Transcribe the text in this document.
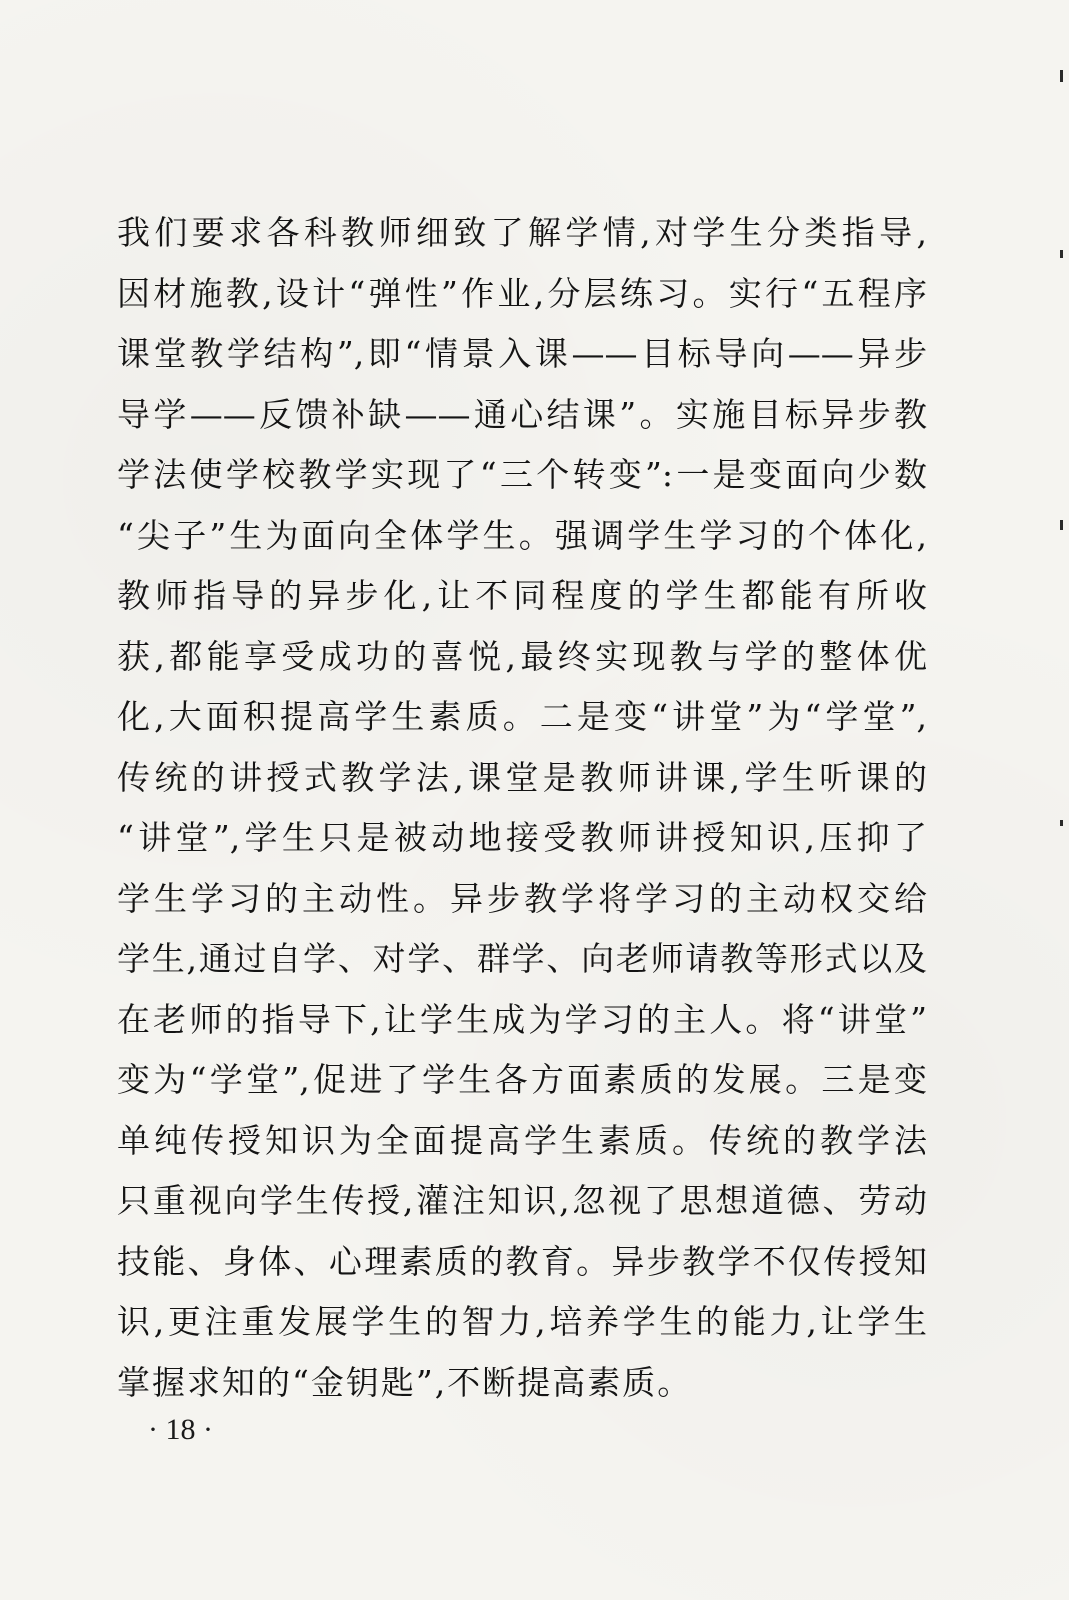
我们要求各科教师细致了解学情,对学生分类指导,
因材施教,设计“弹性”作业,分层练习。实行“五程序
课堂教学结构”,即“情景入课——目标导向——异步
导学——反馈补缺——通心结课”。实施目标异步教
学法使学校教学实现了“三个转变”:一是变面向少数
“尖子”生为面向全体学生。强调学生学习的个体化,
教师指导的异步化,让不同程度的学生都能有所收
获,都能享受成功的喜悦,最终实现教与学的整体优
化,大面积提高学生素质。二是变“讲堂”为“学堂”,
传统的讲授式教学法,课堂是教师讲课,学生听课的
“讲堂”,学生只是被动地接受教师讲授知识,压抑了
学生学习的主动性。异步教学将学习的主动权交给
学生,通过自学、对学、群学、向老师请教等形式以及
在老师的指导下,让学生成为学习的主人。将“讲堂”
变为“学堂”,促进了学生各方面素质的发展。三是变
单纯传授知识为全面提高学生素质。传统的教学法
只重视向学生传授,灌注知识,忽视了思想道德、劳动
技能、身体、心理素质的教育。异步教学不仅传授知
识,更注重发展学生的智力,培养学生的能力,让学生
掌握求知的“金钥匙”,不断提高素质。
· 18 ·
